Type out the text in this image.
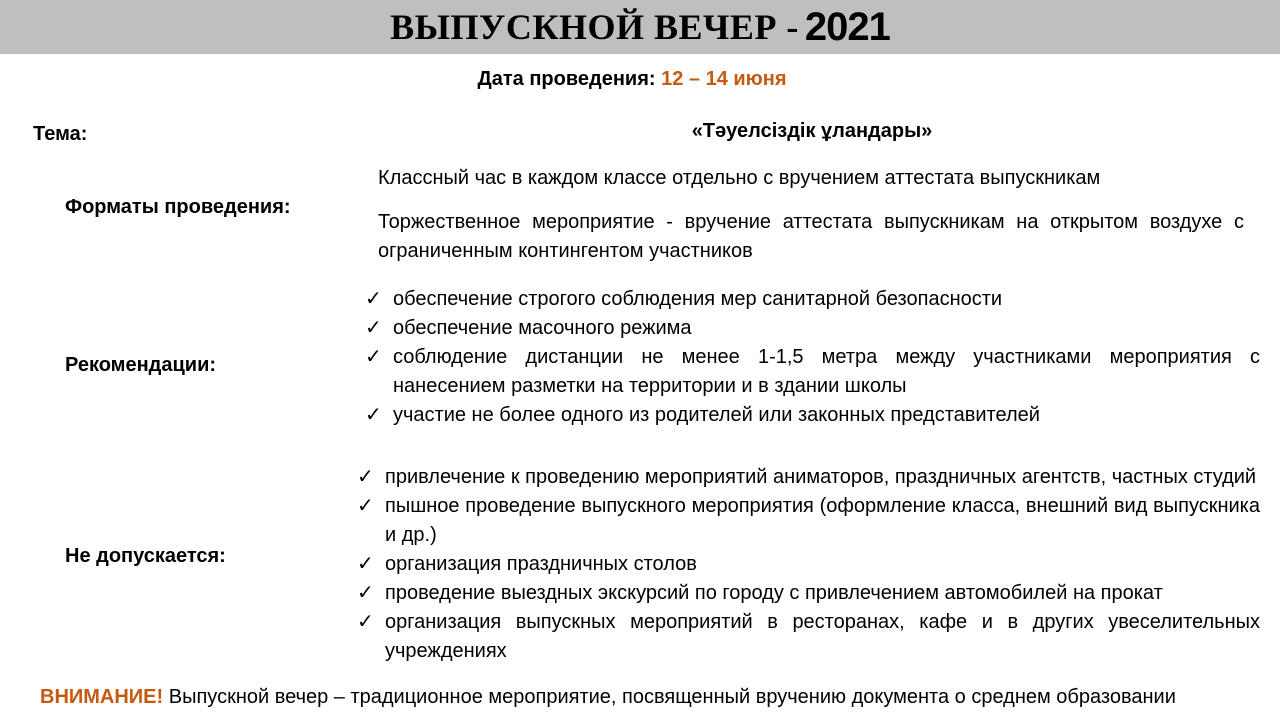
ВЫПУСКНОЙ ВЕЧЕР - 2021
Дата проведения: 12 – 14 июня
Тема:	«Тәуелсіздік ұландары»
Форматы проведения:
Классный час в каждом классе отдельно с вручением аттестата выпускникам
Торжественное мероприятие - вручение аттестата выпускникам на открытом воздухе с ограниченным контингентом участников
Рекомендации:
✓ обеспечение строгого соблюдения мер санитарной безопасности
✓ обеспечение масочного режима
✓ соблюдение дистанции не менее 1-1,5 метра между участниками мероприятия с нанесением разметки на территории и в здании школы
✓ участие не более одного из родителей или законных представителей
Не допускается:
✓ привлечение к проведению мероприятий аниматоров, праздничных агентств, частных студий
✓ пышное проведение выпускного мероприятия (оформление класса, внешний вид выпускника и др.)
✓ организация праздничных столов
✓ проведение выездных экскурсий по городу с привлечением автомобилей на прокат
✓ организация выпускных мероприятий в ресторанах, кафе и в других увеселительных учреждениях
ВНИМАНИЕ! Выпускной вечер – традиционное мероприятие, посвященный вручению документа о среднем образовании
